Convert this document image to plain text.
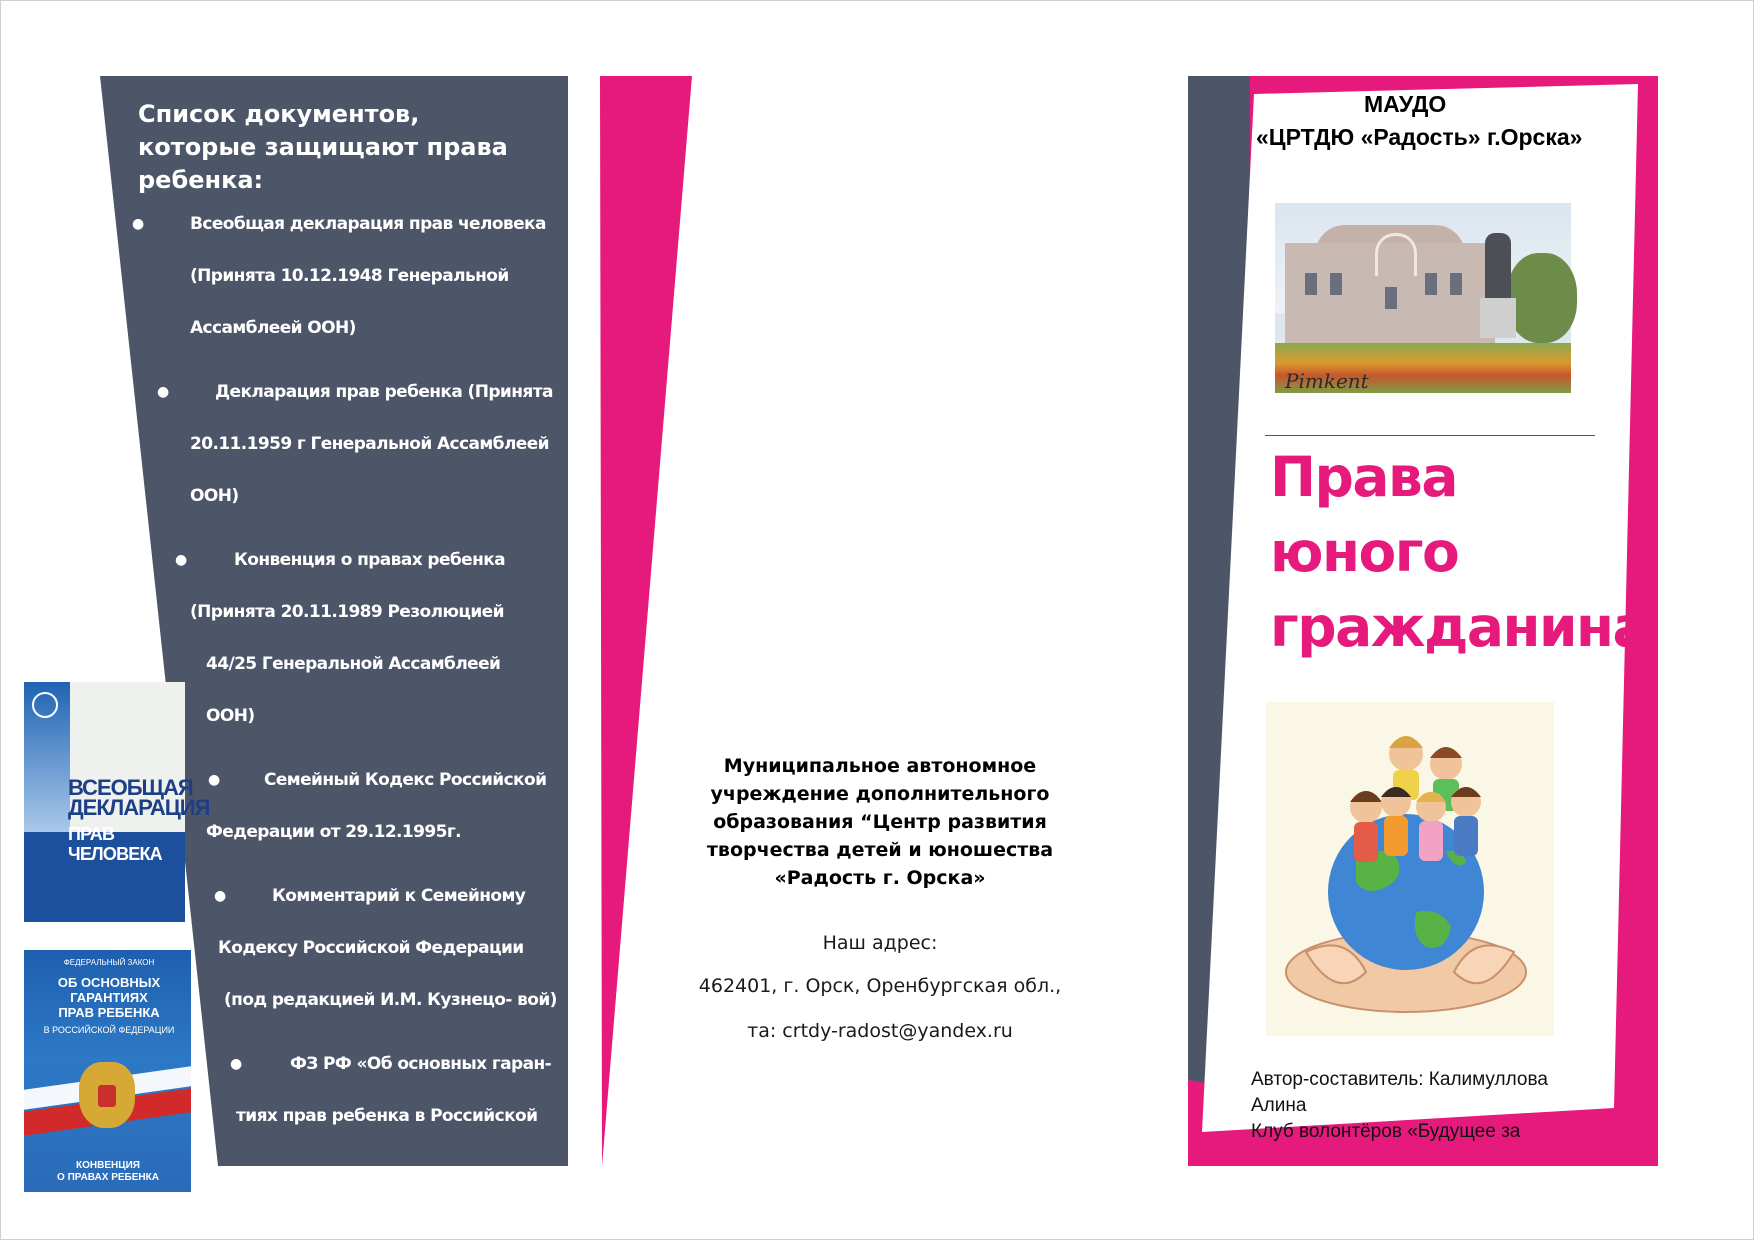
Список документов,
которые защищают права
ребенка:
●	Всеобщая декларация прав человека
(Принята 10.12.1948 Генеральной
Ассамблеей ООН)
●	Декларация прав ребенка (Принята
20.11.1959 г Генеральной Ассамблеей
ООН)
●	Конвенция о правах ребенка
(Принята 20.11.1989 Резолюцией
44/25 Генеральной Ассамблеей
ООН)
●	Семейный Кодекс Российской
Федерации от 29.12.1995г.
●	Комментарий к Семейному
Кодексу Российской Федерации
(под редакцией И.М. Кузнецо- вой)
●	ФЗ РФ «Об основных гаран-
тиях прав ребенка в Российской
ВСЕОБЩАЯ
ДЕКЛАРАЦИЯ
ПРАВ
ЧЕЛОВЕКА
ФЕДЕРАЛЬНЫЙ ЗАКОН
ОБ ОСНОВНЫХ
ГАРАНТИЯХ
ПРАВ РЕБЕНКА
В РОССИЙСКОЙ ФЕДЕРАЦИИ
КОНВЕНЦИЯ
О ПРАВАХ РЕБЕНКА
Муниципальное автономное
учреждение дополнительного
образования “Центр развития
творчества детей и юношества
«Радость г. Орска»
Наш адрес:
462401, г. Орск, Оренбургская обл.,
та: crtdy-radost@yandex.ru
МАУДО
«ЦРТДЮ «Радость» г.Орска»
Pimkent
Права
юного
гражданина
Автор-составитель: Калимуллова
Алина
Клуб волонтёров «Будущее за
